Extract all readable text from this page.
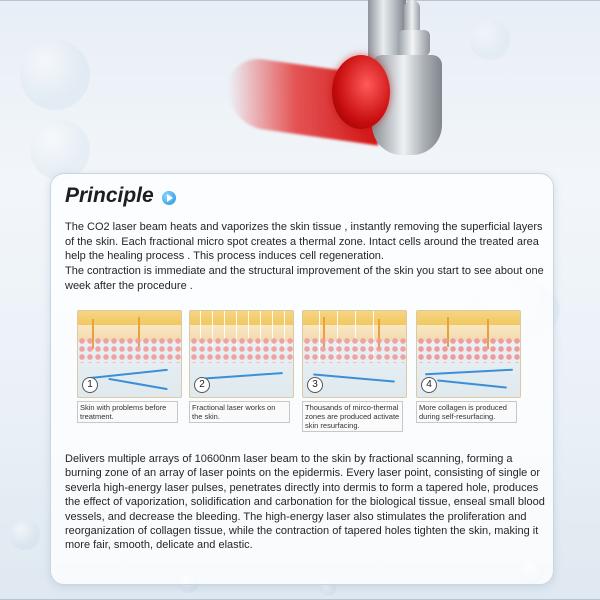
Principle

The CO2 laser beam heats and vaporizes the skin tissue , instantly removing the superficial layers of the skin. Each fractional micro spot creates a thermal zone. Intact cells around the treated area help the healing process . This process induces cell regeneration.

The contraction is immediate and the structural improvement of the skin you start to see about one week after the procedure .

1
Skin with problems before treatment.
2
Fractional laser works on the skin.
3
Thousands of mirco-thermal zones are produced activate skin resurfacing.
4
More collagen is produced during self-resurfacing.

Delivers multiple arrays of 10600nm laser beam to the skin by fractional scanning, forming a burning zone of an array of laser points on the epidermis. Every laser point, consisting of single or severla high-energy laser pulses, penetrates directly into dermis to form a tapered hole, produces the effect of vaporization, solidification and carbonation for the biological tissue, enseal small blood vessels, and decrease the bleeding. The high-energy laser also stimulates the proliferation and reorganization of collagen tissue, while the contraction of tapered holes tighten the skin, making it more fair, smooth, delicate and elastic.
